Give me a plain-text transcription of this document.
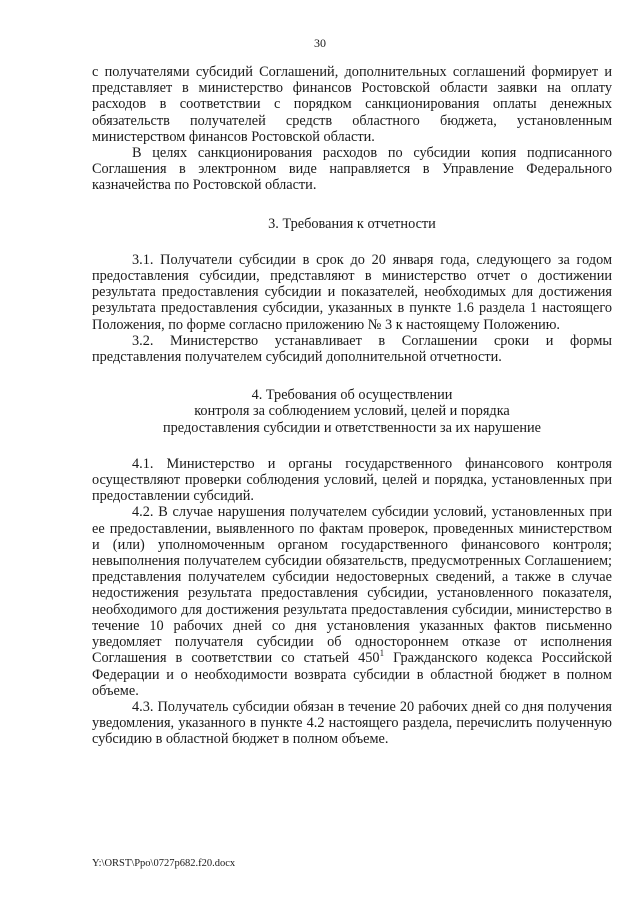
30

с получателями субсидий Соглашений, дополнительных соглашений формирует и представляет в министерство финансов Ростовской области заявки на оплату расходов в соответствии с порядком санкционирования оплаты денежных обязательств получателей средств областного бюджета, установленным министерством финансов Ростовской области.

В целях санкционирования расходов по субсидии копия подписанного Соглашения в электронном виде направляется в Управление Федерального казначейства по Ростовской области.

3. Требования к отчетности

3.1. Получатели субсидии в срок до 20 января года, следующего за годом предоставления субсидии, представляют в министерство отчет о достижении результата предоставления субсидии и показателей, необходимых для достижения результата предоставления субсидии, указанных в пункте 1.6 раздела 1 настоящего Положения, по форме согласно приложению № 3 к настоящему Положению.

3.2. Министерство устанавливает в Соглашении сроки и формы представления получателем субсидий дополнительной отчетности.

4. Требования об осуществлении

контроля за соблюдением условий, целей и порядка

предоставления субсидии и ответственности за их нарушение

4.1. Министерство и органы государственного финансового контроля осуществляют проверки соблюдения условий, целей и порядка, установленных при предоставлении субсидий.

4.2. В случае нарушения получателем субсидии условий, установленных при ее предоставлении, выявленного по фактам проверок, проведенных министерством и (или) уполномоченным органом государственного финансового контроля; невыполнения получателем субсидии обязательств, предусмотренных Соглашением; представления получателем субсидии недостоверных сведений, а также в случае недостижения результата предоставления субсидии, установленного показателя, необходимого для достижения результата предоставления субсидии, министерство в течение 10 рабочих дней со дня установления указанных фактов письменно уведомляет получателя субсидии об одностороннем отказе от исполнения Соглашения в соответствии со статьей $450^1$ Гражданского кодекса Российской Федерации и о необходимости возврата субсидии в областной бюджет в полном объеме.

4.3. Получатель субсидии обязан в течение 20 рабочих дней со дня получения уведомления, указанного в пункте 4.2 настоящего раздела, перечислить полученную субсидию в областной бюджет в полном объеме.

Y:\ORST\Ppo\0727p682.f20.docx
